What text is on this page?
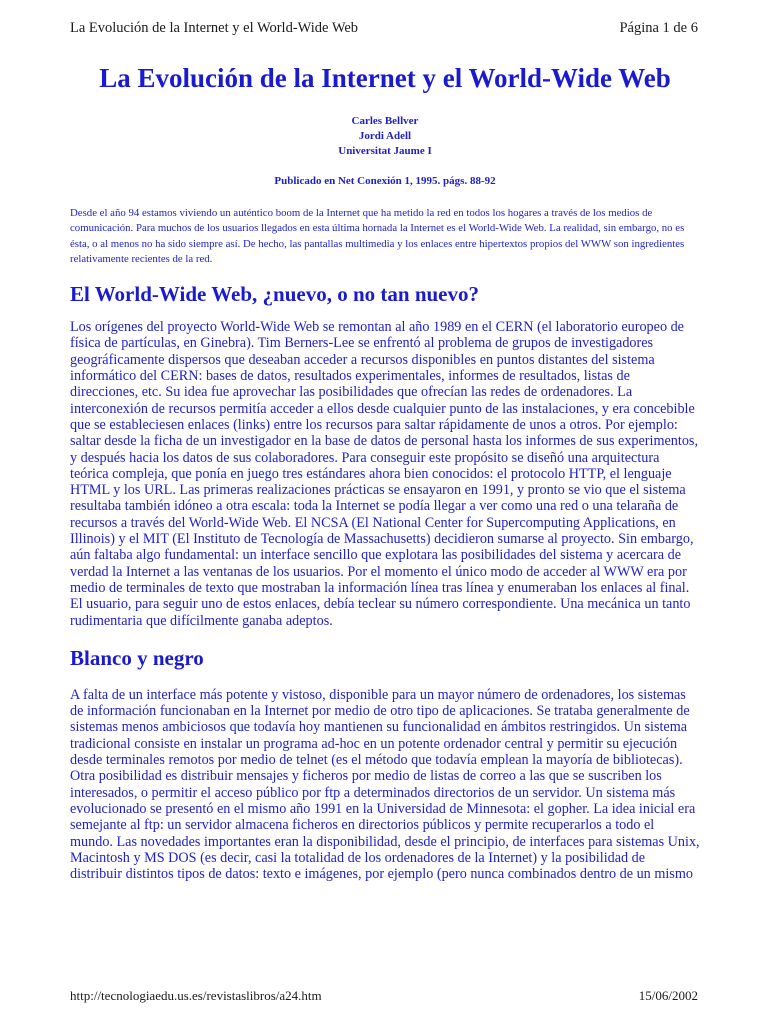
La Evolución de la Internet y el World-Wide Web	Página 1 de 6
La Evolución de la Internet y el World-Wide Web
Carles Bellver
Jordi Adell
Universitat Jaume I
Publicado en Net Conexión 1, 1995. págs. 88-92

Desde el año 94 estamos viviendo un auténtico boom de la Internet que ha metido la red en todos los hogares a través de los medios de comunicación. Para muchos de los usuarios llegados en esta última hornada la Internet es el World-Wide Web. La realidad, sin embargo, no es ésta, o al menos no ha sido siempre así. De hecho, las pantallas multimedia y los enlaces entre hipertextos propios del WWW son ingredientes relativamente recientes de la red.

El World-Wide Web, ¿nuevo, o no tan nuevo?

Los orígenes del proyecto World-Wide Web se remontan al año 1989 en el CERN (el laboratorio europeo de física de partículas, en Ginebra). Tim Berners-Lee se enfrentó al problema de grupos de investigadores geográficamente dispersos que deseaban acceder a recursos disponibles en puntos distantes del sistema informático del CERN: bases de datos, resultados experimentales, informes de resultados, listas de direcciones, etc. Su idea fue aprovechar las posibilidades que ofrecían las redes de ordenadores. La interconexión de recursos permitía acceder a ellos desde cualquier punto de las instalaciones, y era concebible que se estableciesen enlaces (links) entre los recursos para saltar rápidamente de unos a otros. Por ejemplo: saltar desde la ficha de un investigador en la base de datos de personal hasta los informes de sus experimentos, y después hacia los datos de sus colaboradores. Para conseguir este propósito se diseñó una arquitectura teórica compleja, que ponía en juego tres estándares ahora bien conocidos: el protocolo HTTP, el lenguaje HTML y los URL. Las primeras realizaciones prácticas se ensayaron en 1991, y pronto se vio que el sistema resultaba también idóneo a otra escala: toda la Internet se podía llegar a ver como una red o una telaraña de recursos a través del World-Wide Web. El NCSA (El National Center for Supercomputing Applications, en Illinois) y el MIT (El Instituto de Tecnología de Massachusetts) decidieron sumarse al proyecto. Sin embargo, aún faltaba algo fundamental: un interface sencillo que explotara las posibilidades del sistema y acercara de verdad la Internet a las ventanas de los usuarios. Por el momento el único modo de acceder al WWW era por medio de terminales de texto que mostraban la información línea tras línea y enumeraban los enlaces al final. El usuario, para seguir uno de estos enlaces, debía teclear su número correspondiente. Una mecánica un tanto rudimentaria que difícilmente ganaba adeptos.

Blanco y negro

A falta de un interface más potente y vistoso, disponible para un mayor número de ordenadores, los sistemas de información funcionaban en la Internet por medio de otro tipo de aplicaciones. Se trataba generalmente de sistemas menos ambiciosos que todavía hoy mantienen su funcionalidad en ámbitos restringidos. Un sistema tradicional consiste en instalar un programa ad-hoc en un potente ordenador central y permitir su ejecución desde terminales remotos por medio de telnet (es el método que todavía emplean la mayoría de bibliotecas). Otra posibilidad es distribuir mensajes y ficheros por medio de listas de correo a las que se suscriben los interesados, o permitir el acceso público por ftp a determinados directorios de un servidor. Un sistema más evolucionado se presentó en el mismo año 1991 en la Universidad de Minnesota: el gopher. La idea inicial era semejante al ftp: un servidor almacena ficheros en directorios públicos y permite recuperarlos a todo el mundo. Las novedades importantes eran la disponibilidad, desde el principio, de interfaces para sistemas Unix, Macintosh y MS DOS (es decir, casi la totalidad de los ordenadores de la Internet) y la posibilidad de distribuir distintos tipos de datos: texto e imágenes, por ejemplo (pero nunca combinados dentro de un mismo

http://tecnologiaedu.us.es/revistaslibros/a24.htm	15/06/2002
